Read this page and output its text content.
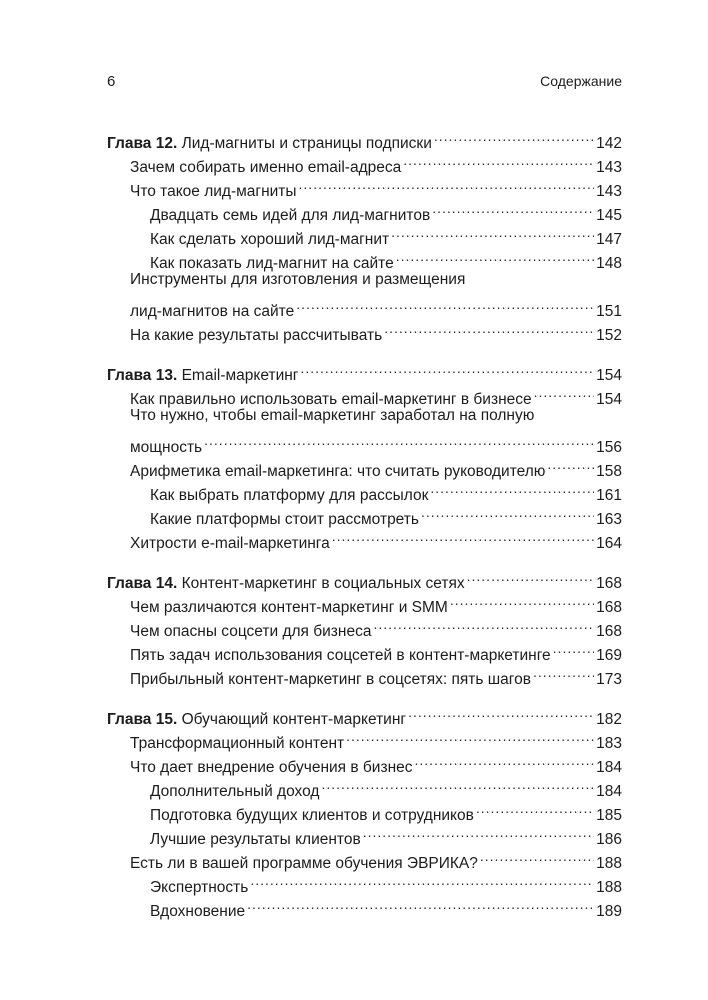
6	Содержание
Глава 12. Лид-магниты и страницы подписки .....	142
Зачем собирать именно email-адреса .....	143
Что такое лид-магниты .....	143
Двадцать семь идей для лид-магнитов .....	145
Как сделать хороший лид-магнит .....	147
Как показать лид-магнит на сайте .....	148
Инструменты для изготовления и размещения
лид-магнитов на сайте .....	151
На какие результаты рассчитывать .....	152
Глава 13. Email-маркетинг .....	154
Как правильно использовать email-маркетинг в бизнесе .....	154
Что нужно, чтобы email-маркетинг заработал на полную
мощность .....	156
Арифметика email-маркетинга: что считать руководителю .....	158
Как выбрать платформу для рассылок .....	161
Какие платформы стоит рассмотреть .....	163
Хитрости e-mail-маркетинга .....	164
Глава 14. Контент-маркетинг в социальных сетях .....	168
Чем различаются контент-маркетинг и SMM .....	168
Чем опасны соцсети для бизнеса .....	168
Пять задач использования соцсетей в контент-маркетинге .....	169
Прибыльный контент-маркетинг в соцсетях: пять шагов .....	173
Глава 15. Обучающий контент-маркетинг .....	182
Трансформационный контент .....	183
Что дает внедрение обучения в бизнес .....	184
Дополнительный доход .....	184
Подготовка будущих клиентов и сотрудников .....	185
Лучшие результаты клиентов .....	186
Есть ли в вашей программе обучения ЭВРИКА? .....	188
Экспертность .....	188
Вдохновение .....	189
